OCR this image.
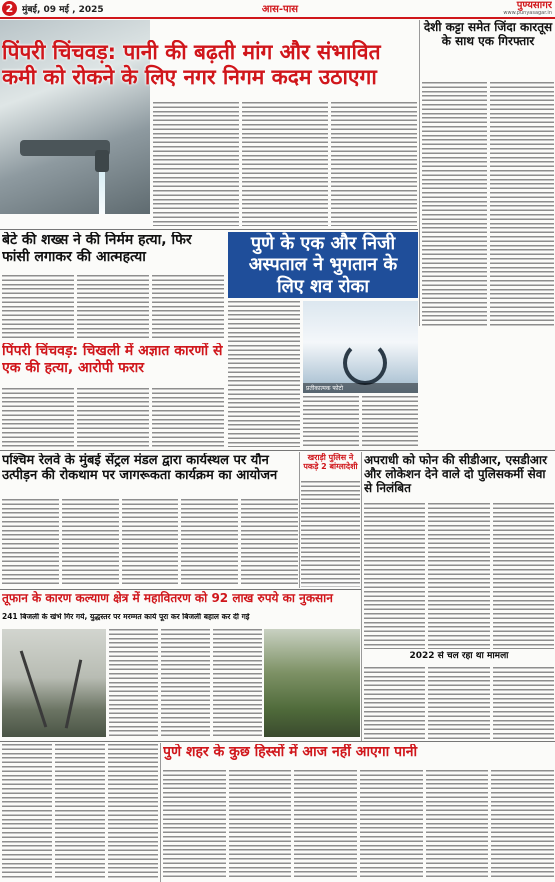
2 मुंबई, 09 मई , 2025	आस-पास	पुण्यसागर
www.punyasagar.in
पिंपरी चिंचवड़: पानी की बढ़ती मांग और संभावित कमी को रोकने के लिए नगर निगम कदम उठाएगा
देशी कट्टा समेत जिंदा कारतूस के साथ एक गिरफ्तार
बेटे की शख्स ने की निर्मम हत्या, फिर फांसी लगाकर की आत्महत्या
पुणे के एक और निजी अस्पताल ने भुगतान के लिए शव रोका
प्रतीकात्मक फोटो
पिंपरी चिंचवड़: चिखली में अज्ञात कारणों से एक की हत्या, आरोपी फरार
पश्चिम रेलवे के मुंबई सेंट्रल मंडल द्वारा कार्यस्थल पर यौन उत्पीड़न की रोकथाम पर जागरूकता कार्यक्रम का आयोजन
खराड़ी पुलिस ने पकड़े 2 बांग्लादेशी अपराधी को फोन की सीडीआर, एसडीआर और लोकेशन देने वाले दो पुलिसकर्मी सेवा से निलंबित
2022 से चल रहा था मामला
तूफान के कारण कल्याण क्षेत्र में महावितरण को 92 लाख रुपये का नुकसान
241 बिजली के खंभे गिर गये, युद्धस्तर पर मरम्मत कार्य पूरा कर बिजली बहाल कर दी गई
पुणे शहर के कुछ हिस्सों में आज नहीं आएगा पानी
